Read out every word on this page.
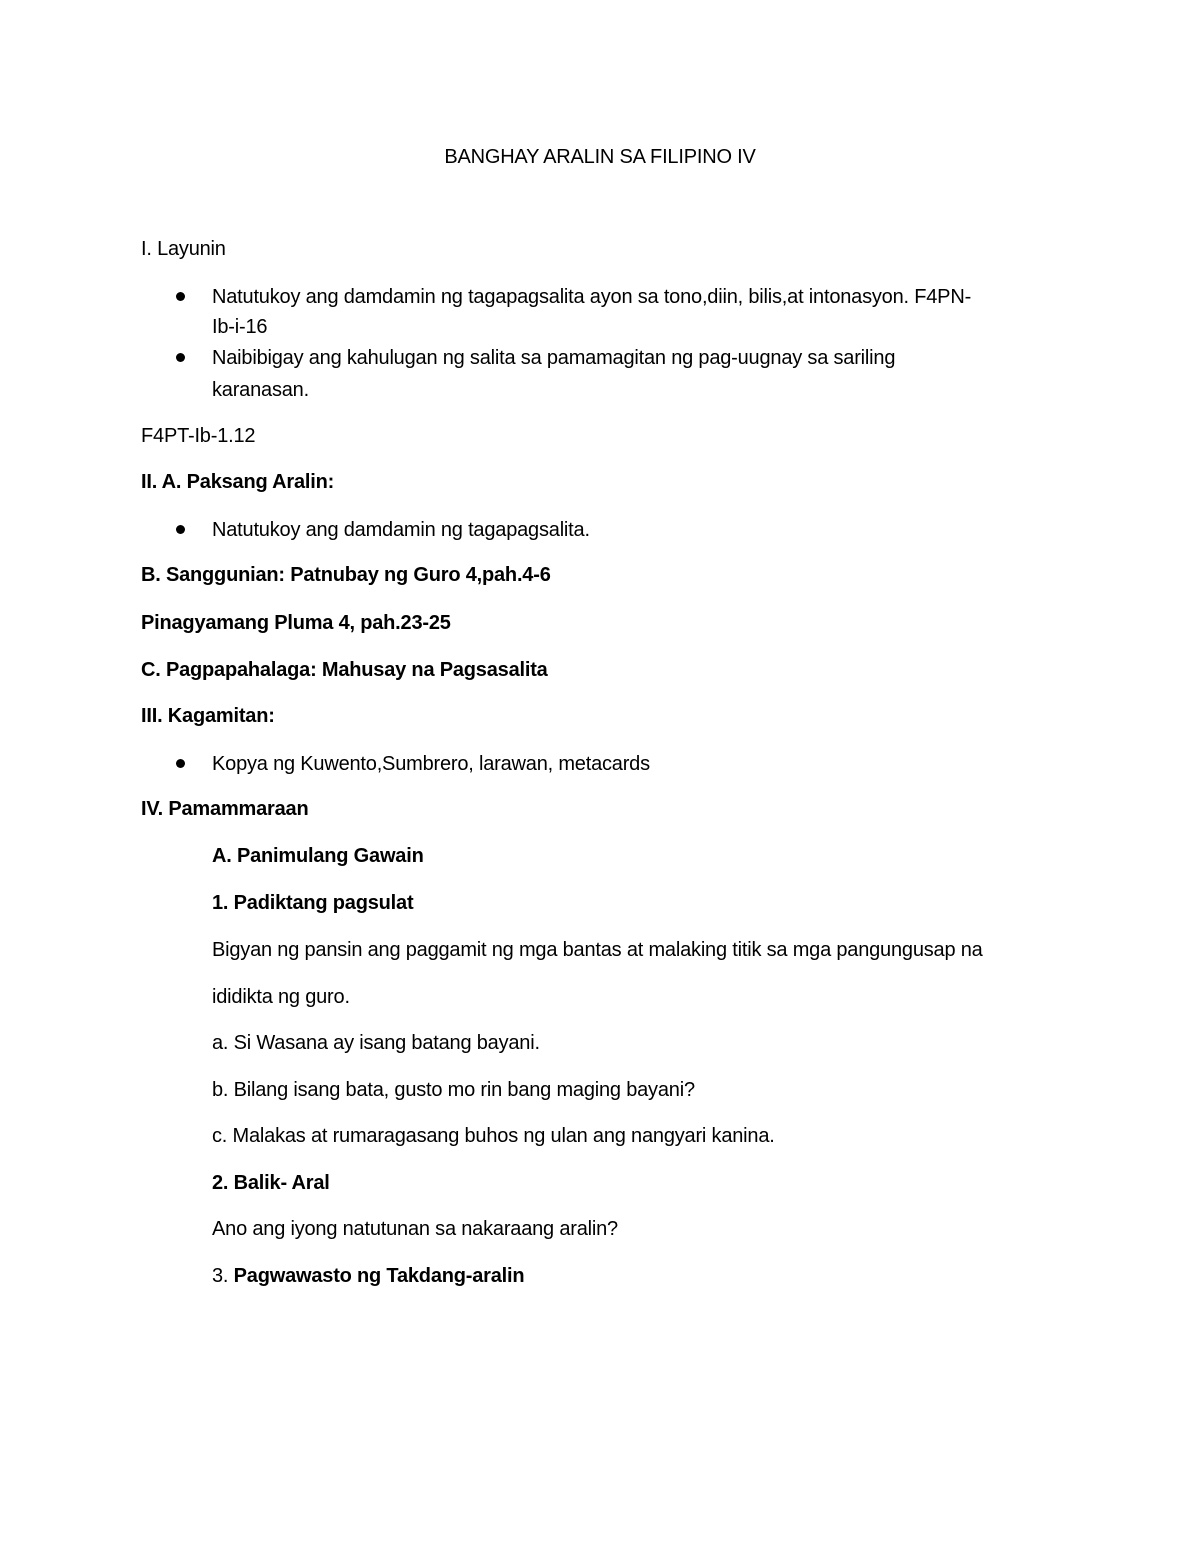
BANGHAY ARALIN SA FILIPINO IV
I. Layunin
Natutukoy ang damdamin ng tagapagsalita ayon sa tono,diin, bilis,at intonasyon. F4PN-
Ib-i-16
Naibibigay ang kahulugan ng salita sa pamamagitan ng pag-uugnay sa sariling
karanasan.
F4PT-Ib-1.12
II. A. Paksang Aralin:
Natutukoy ang damdamin ng tagapagsalita.
B. Sanggunian: Patnubay ng Guro 4,pah.4-6
Pinagyamang Pluma 4, pah.23-25
C. Pagpapahalaga: Mahusay na Pagsasalita
III. Kagamitan:
Kopya ng Kuwento,Sumbrero, larawan, metacards
IV. Pamammaraan
A. Panimulang Gawain
1. Padiktang pagsulat
Bigyan ng pansin ang paggamit ng mga bantas at malaking titik sa mga pangungusap na
ididikta ng guro.
a. Si Wasana ay isang batang bayani.
b. Bilang isang bata, gusto mo rin bang maging bayani?
c. Malakas at rumaragasang buhos ng ulan ang nangyari kanina.
2. Balik- Aral
Ano ang iyong natutunan sa nakaraang aralin?
3. Pagwawasto ng Takdang-aralin
